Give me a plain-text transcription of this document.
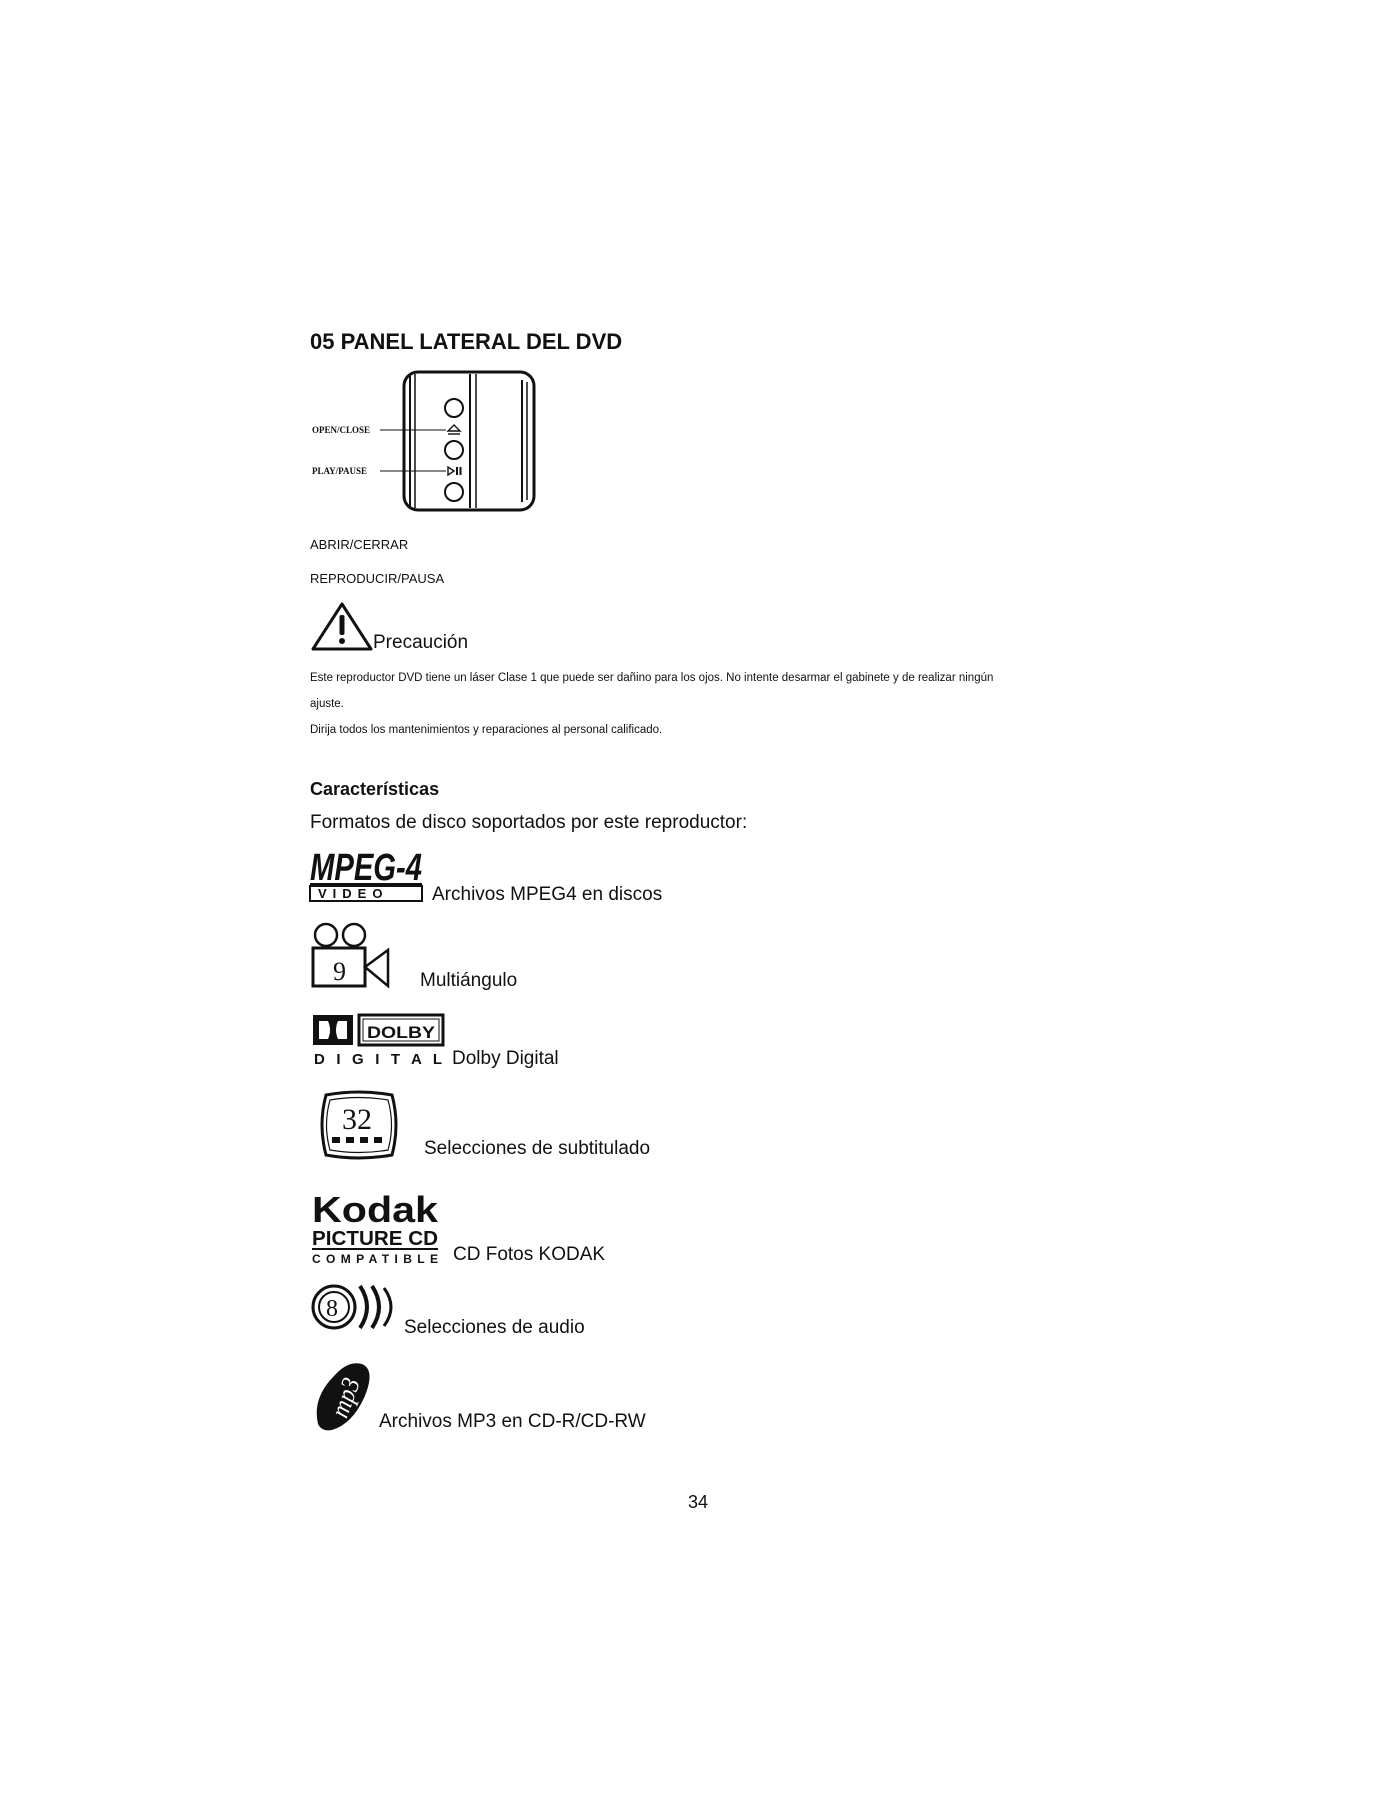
05 PANEL LATERAL DEL DVD
OPEN/CLOSE
PLAY/PAUSE
ABRIR/CERRAR
REPRODUCIR/PAUSA
Precaución
Este reproductor DVD tiene un láser Clase 1 que puede ser dañino para los ojos. No intente desarmar el gabinete y de realizar ningún
ajuste.
Dirija todos los mantenimientos y reparaciones al personal calificado.
Características
Formatos de disco soportados por este reproductor:
MPEG-4
VIDEO Archivos MPEG4 en discos
9	Multiángulo
DOLBY
D I G I T A L Dolby Digital
32
Selecciones de subtitulado
Kodak
PICTURE CD
COMPATIBLE CD Fotos KODAK
8
Selecciones de audio
mp3
Archivos MP3 en CD-R/CD-RW
34
